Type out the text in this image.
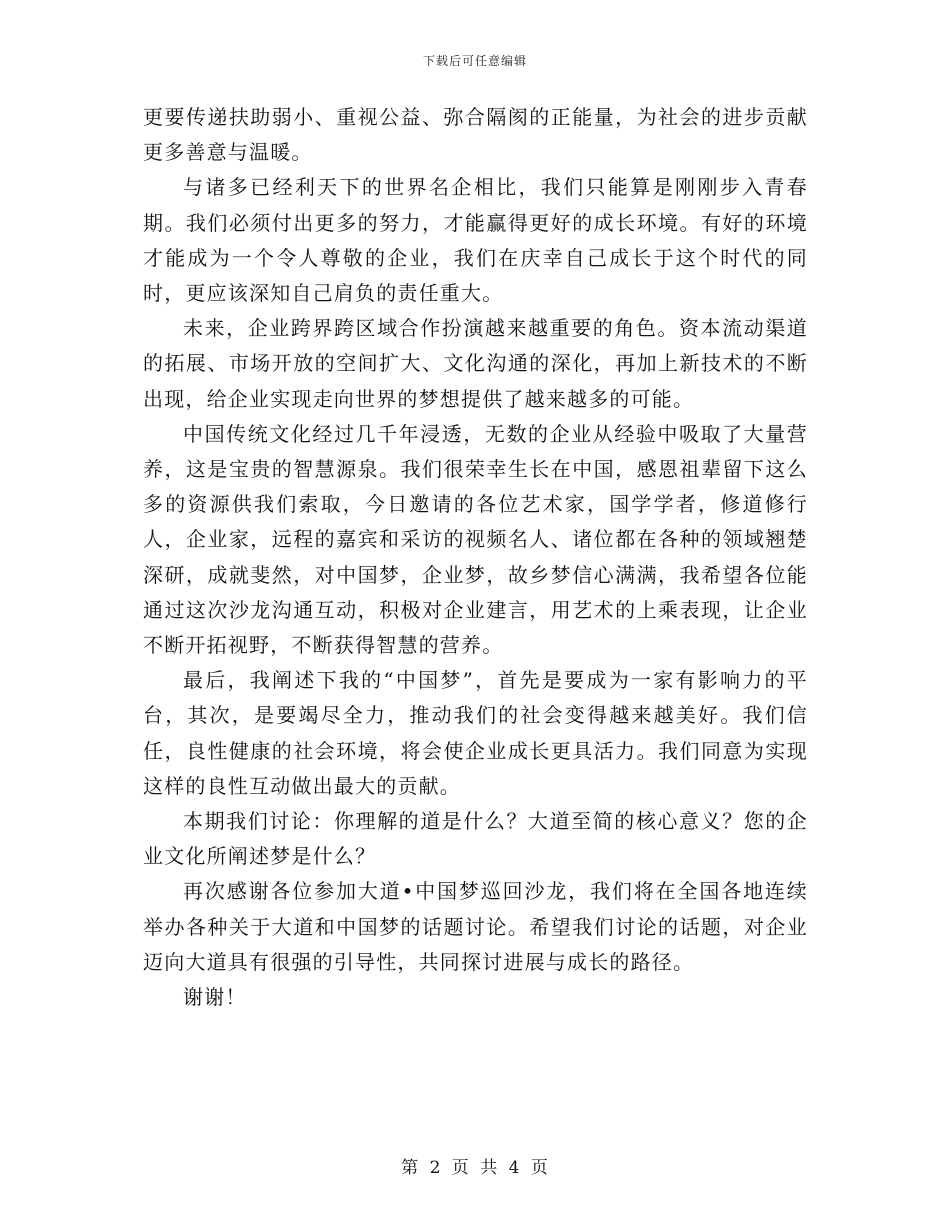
下载后可任意编辑

更要传递扶助弱小、重视公益、弥合隔阂的正能量，为社会的进步贡献更多善意与温暖。

与诸多已经利天下的世界名企相比，我们只能算是刚刚步入青春期。我们必须付出更多的努力，才能赢得更好的成长环境。有好的环境才能成为一个令人尊敬的企业，我们在庆幸自己成长于这个时代的同时，更应该深知自己肩负的责任重大。

未来，企业跨界跨区域合作扮演越来越重要的角色。资本流动渠道的拓展、市场开放的空间扩大、文化沟通的深化，再加上新技术的不断出现，给企业实现走向世界的梦想提供了越来越多的可能。

中国传统文化经过几千年浸透，无数的企业从经验中吸取了大量营养，这是宝贵的智慧源泉。我们很荣幸生长在中国，感恩祖辈留下这么多的资源供我们索取，今日邀请的各位艺术家，国学学者，修道修行人，企业家，远程的嘉宾和采访的视频名人、诸位都在各种的领域翘楚深研，成就斐然，对中国梦，企业梦，故乡梦信心满满，我希望各位能通过这次沙龙沟通互动，积极对企业建言，用艺术的上乘表现，让企业不断开拓视野，不断获得智慧的营养。

最后，我阐述下我的“中国梦”，首先是要成为一家有影响力的平台，其次，是要竭尽全力，推动我们的社会变得越来越美好。我们信任，良性健康的社会环境，将会使企业成长更具活力。我们同意为实现这样的良性互动做出最大的贡献。

本期我们讨论：你理解的道是什么？大道至简的核心意义？您的企业文化所阐述梦是什么？

再次感谢各位参加大道•中国梦巡回沙龙，我们将在全国各地连续举办各种关于大道和中国梦的话题讨论。希望我们讨论的话题，对企业迈向大道具有很强的引导性，共同探讨进展与成长的路径。

谢谢！

第 2 页 共 4 页
